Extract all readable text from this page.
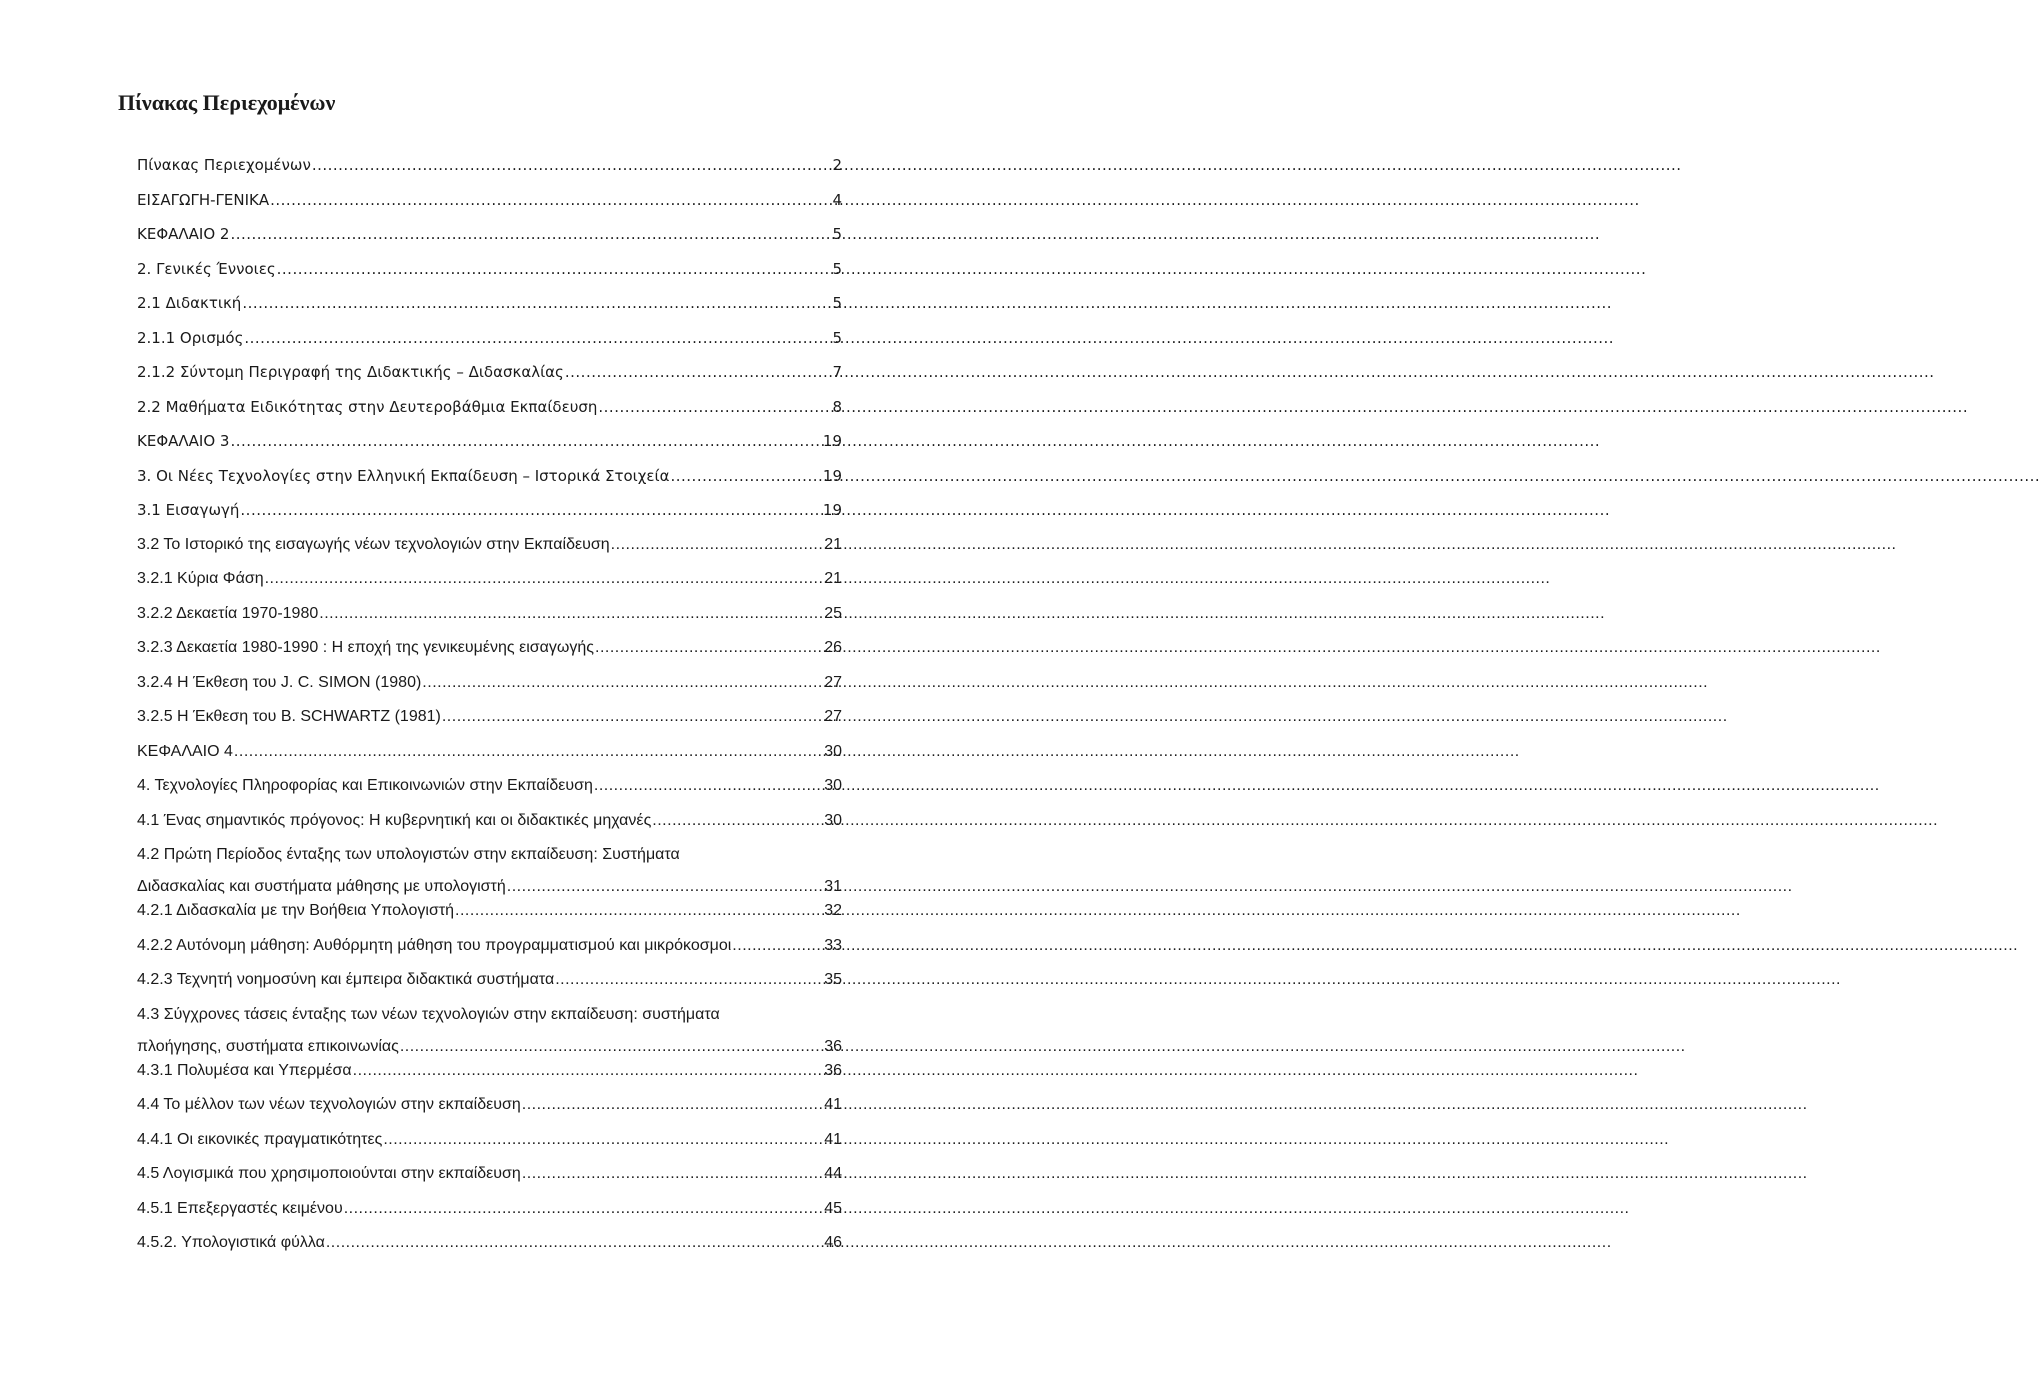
Πίνακας Περιεχομένων
Πίνακας Περιεχομένων .....	2
ΕΙΣΑΓΩΓΗ-ΓΕΝΙΚΑ .....	4
ΚΕΦΑΛΑΙΟ 2 .....	5
2. Γενικές Έννοιες .....	5
2.1 Διδακτική .....	5
2.1.1 Ορισμός .....	5
2.1.2 Σύντομη Περιγραφή της Διδακτικής – Διδασκαλίας .....	7
2.2 Μαθήματα Ειδικότητας στην Δευτεροβάθμια Εκπαίδευση .....	8
ΚΕΦΑΛΑΙΟ 3 .....	19
3. Οι Νέες Τεχνολογίες στην Ελληνική Εκπαίδευση – Ιστορικά Στοιχεία .....	19
3.1 Εισαγωγή .....	19
3.2 Το Ιστορικό της εισαγωγής νέων τεχνολογιών στην Εκπαίδευση .....	21
3.2.1 Κύρια Φάση .....	21
3.2.2 Δεκαετία 1970-1980 .....	25
3.2.3 Δεκαετία 1980-1990 : Η εποχή της γενικευμένης εισαγωγής .....	26
3.2.4 Η Έκθεση του J. C. SIMON (1980) .....	27
3.2.5 Η Έκθεση του B. SCHWARTZ (1981) .....	27
ΚΕΦΑΛΑΙΟ 4 .....	30
4. Τεχνολογίες Πληροφορίας και Επικοινωνιών στην Εκπαίδευση .....	30
4.1 Ένας σημαντικός πρόγονος: Η κυβερνητική και οι διδακτικές μηχανές .....	30
4.2 Πρώτη Περίοδος ένταξης των υπολογιστών στην εκπαίδευση: Συστήματα
Διδασκαλίας και συστήματα μάθησης με υπολογιστή .....	31
4.2.1 Διδασκαλία με την Βοήθεια Υπολογιστή .....	32
4.2.2 Αυτόνομη μάθηση: Αυθόρμητη μάθηση του προγραμματισμού και μικρόκοσμοι .....	33
4.2.3 Τεχνητή νοημοσύνη και έμπειρα διδακτικά συστήματα .....	35
4.3 Σύγχρονες τάσεις ένταξης των νέων τεχνολογιών στην εκπαίδευση: συστήματα
πλοήγησης, συστήματα επικοινωνίας .....	36
4.3.1 Πολυμέσα και Υπερμέσα .....	36
4.4 Το μέλλον των νέων τεχνολογιών στην εκπαίδευση .....	41
4.4.1 Οι εικονικές πραγματικότητες .....	41
4.5 Λογισμικά που χρησιμοποιούνται στην εκπαίδευση .....	44
4.5.1 Επεξεργαστές κειμένου .....	45
4.5.2. Υπολογιστικά φύλλα .....	46
